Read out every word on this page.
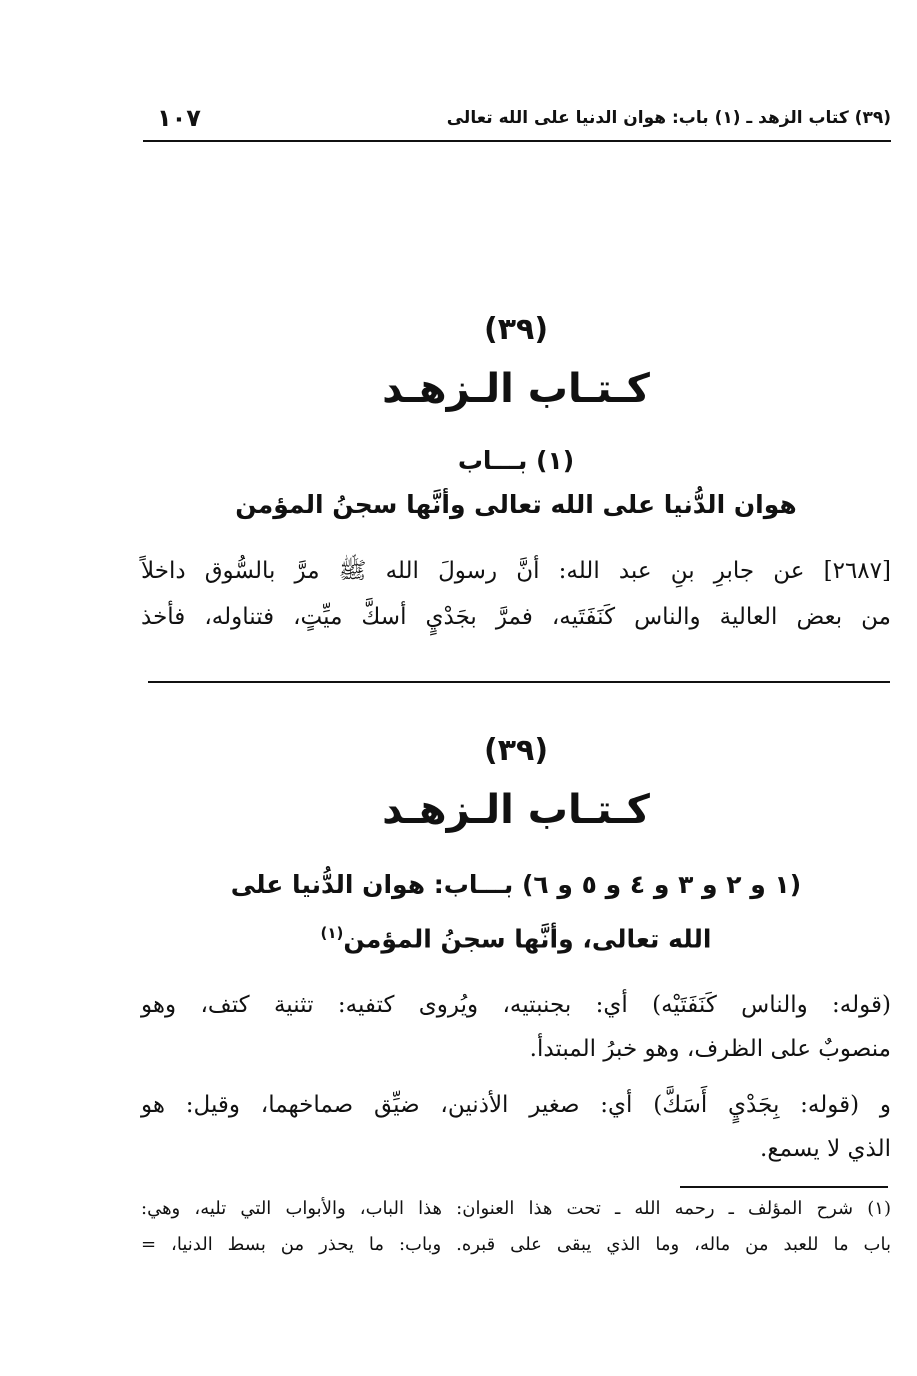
(٣٩) كتاب الزهد ـ (١) باب: هوان الدنيا على الله تعالى
١٠٧
(٣٩)
كـتـاب الـزهـد
(١) بـــاب
هوان الدُّنيا على الله تعالى وأنَّها سجنُ المؤمن
[٢٦٨٧] عن جابرِ بنِ عبد الله: أنَّ رسولَ الله ﷺ مرَّ بالسُّوق داخلاً
من بعض العالية والناس كَنَفَتَيه، فمرَّ بجَدْيٍ أسكَّ ميِّتٍ، فتناوله، فأخذ
(٣٩)
كـتـاب الـزهـد
(١ و ٢ و ٣ و ٤ و ٥ و ٦) بـــاب: هوان الدُّنيا على
الله تعالى، وأنَّها سجنُ المؤمن$^{(١)}$
(قوله: والناس كَنَفَتَيْه) أي: بجنبتيه، ويُروى كتفيه: تثنية كتف، وهو
منصوبٌ على الظرف، وهو خبرُ المبتدأ.
و (قوله: بِجَدْيٍ أَسَكَّ) أي: صغير الأذنين، ضيِّق صماخهما، وقيل: هو
الذي لا يسمع.
(١) شرح المؤلف ـ رحمه الله ـ تحت هذا العنوان: هذا الباب، والأبواب التي تليه، وهي:
باب ما للعبد من ماله، وما الذي يبقى على قبره. وباب: ما يحذر من بسط الدنيا، =
